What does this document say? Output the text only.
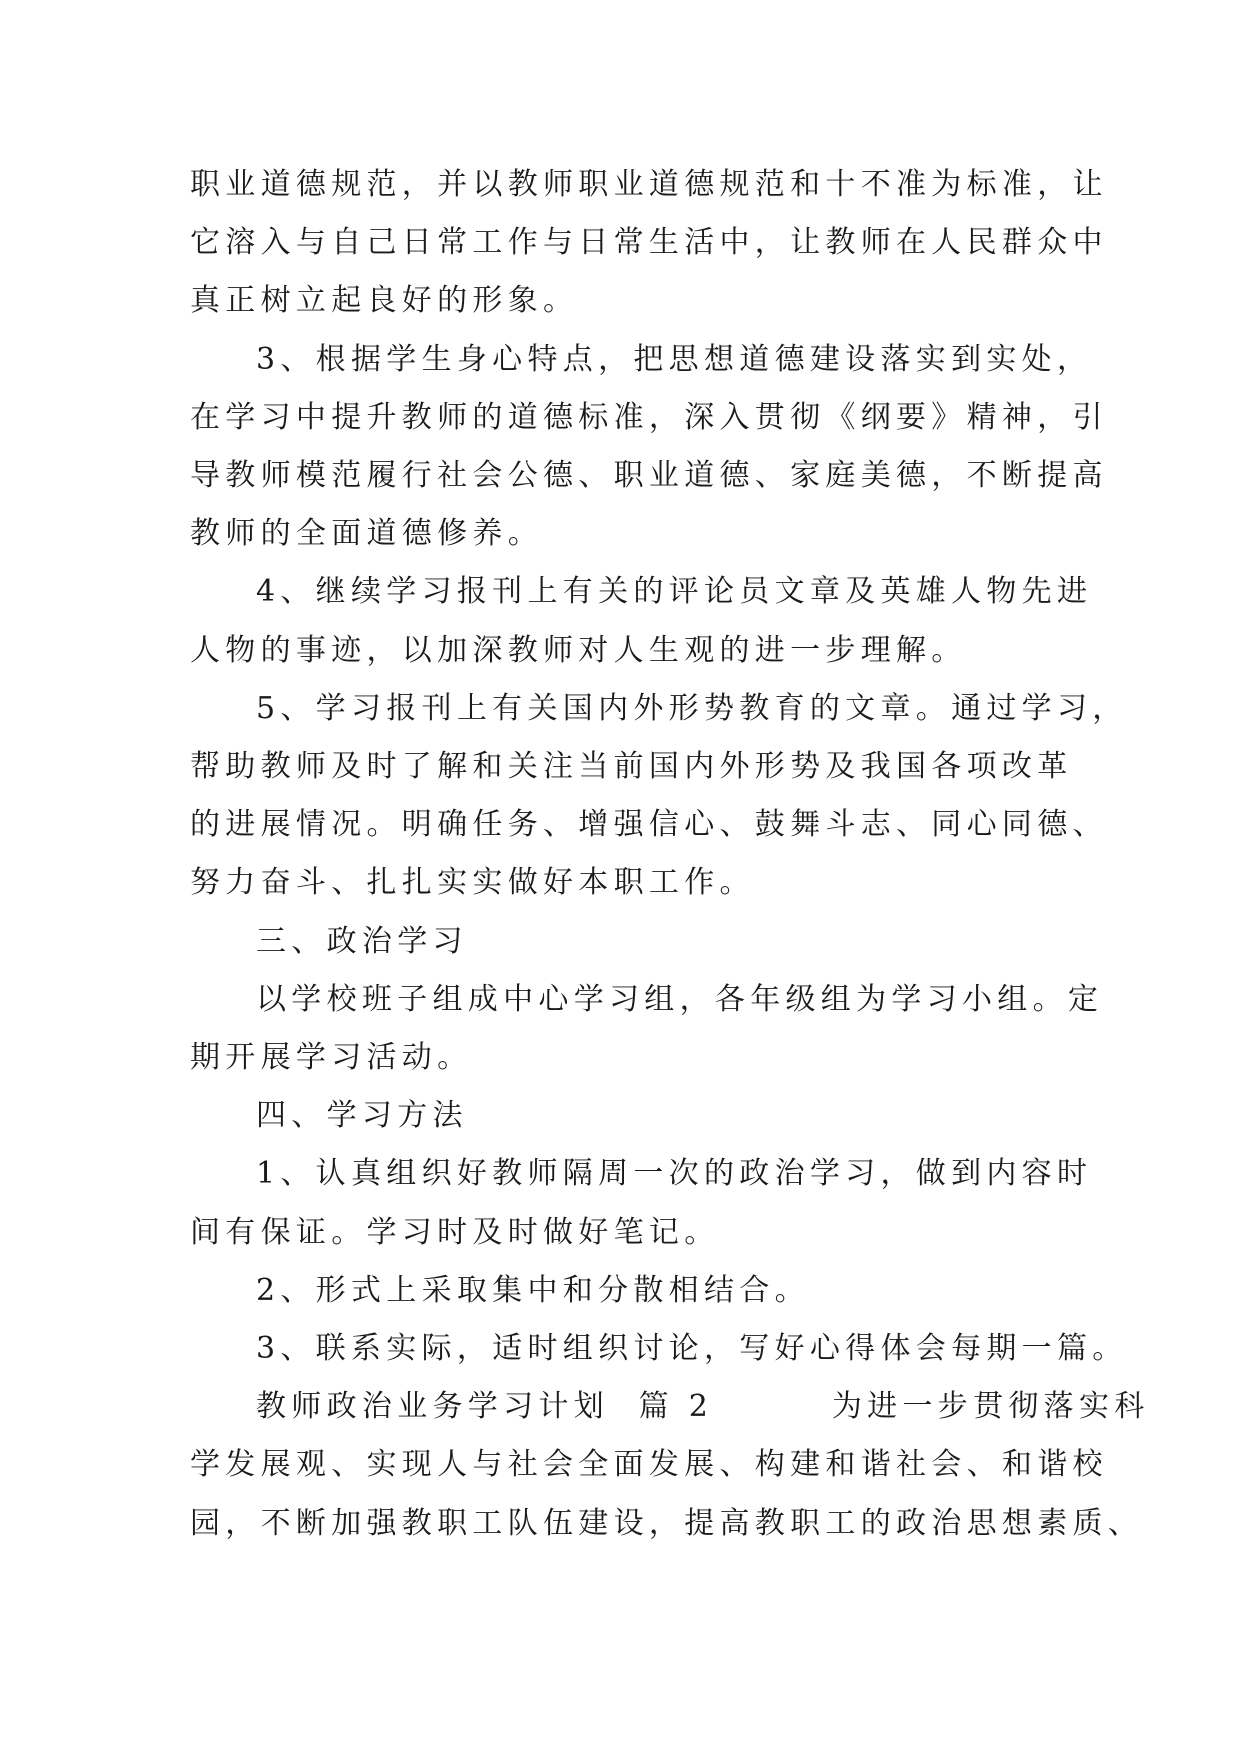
职业道德规范，并以教师职业道德规范和十不准为标准，让

它溶入与自己日常工作与日常生活中，让教师在人民群众中

真正树立起良好的形象。

3、根据学生身心特点，把思想道德建设落实到实处，

在学习中提升教师的道德标准，深入贯彻《纲要》精神，引

导教师模范履行社会公德、职业道德、家庭美德，不断提高

教师的全面道德修养。

4、继续学习报刊上有关的评论员文章及英雄人物先进

人物的事迹，以加深教师对人生观的进一步理解。

5、学习报刊上有关国内外形势教育的文章。通过学习，

帮助教师及时了解和关注当前国内外形势及我国各项改革

的进展情况。明确任务、增强信心、鼓舞斗志、同心同德、

努力奋斗、扎扎实实做好本职工作。

三、政治学习

以学校班子组成中心学习组，各年级组为学习小组。定

期开展学习活动。

四、学习方法

1、认真组织好教师隔周一次的政治学习，做到内容时

间有保证。学习时及时做好笔记。

2、形式上采取集中和分散相结合。

3、联系实际，适时组织讨论，写好心得体会每期一篇。

教师政治业务学习计划  篇 2        为进一步贯彻落实科

学发展观、实现人与社会全面发展、构建和谐社会、和谐校

园，不断加强教职工队伍建设，提高教职工的政治思想素质、
